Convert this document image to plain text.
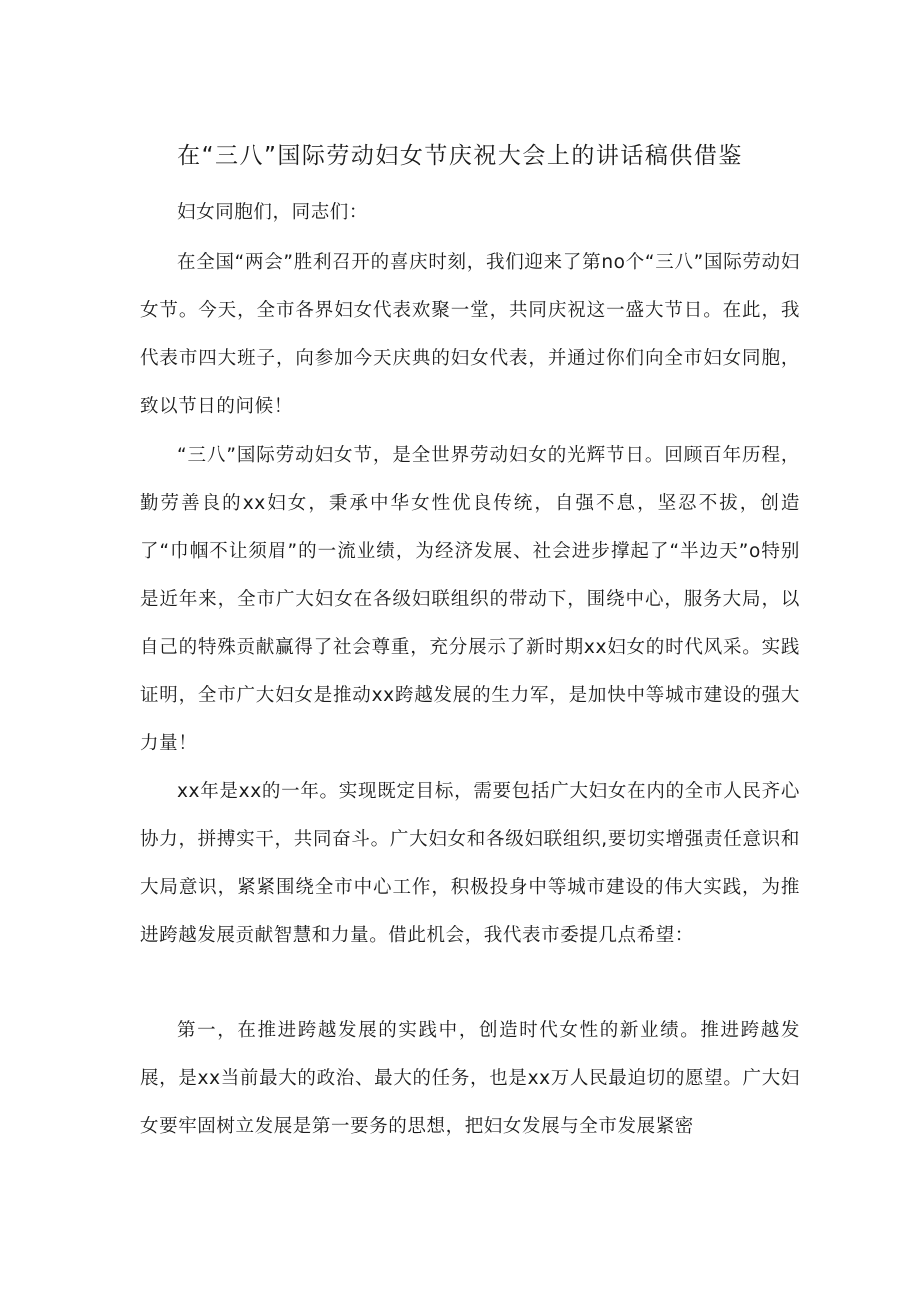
在“三八”国际劳动妇女节庆祝大会上的讲话稿供借鉴

妇女同胞们，同志们：

在全国“两会”胜利召开的喜庆时刻，我们迎来了第no个“三八”国际劳动妇女节。今天，全市各界妇女代表欢聚一堂，共同庆祝这一盛大节日。在此，我代表市四大班子，向参加今天庆典的妇女代表，并通过你们向全市妇女同胞，致以节日的问候！

“三八”国际劳动妇女节，是全世界劳动妇女的光辉节日。回顾百年历程，勤劳善良的xx妇女，秉承中华女性优良传统，自强不息，坚忍不拔，创造了“巾帼不让须眉”的一流业绩，为经济发展、社会进步撑起了“半边天”o特别是近年来，全市广大妇女在各级妇联组织的带动下，围绕中心，服务大局，以自己的特殊贡献赢得了社会尊重，充分展示了新时期xx妇女的时代风采。实践证明，全市广大妇女是推动xx跨越发展的生力军，是加快中等城市建设的强大力量！

xx年是xx的一年。实现既定目标，需要包括广大妇女在内的全市人民齐心协力，拼搏实干，共同奋斗。广大妇女和各级妇联组织,要切实增强责任意识和大局意识，紧紧围绕全市中心工作，积极投身中等城市建设的伟大实践，为推进跨越发展贡献智慧和力量。借此机会，我代表市委提几点希望：

第一，在推进跨越发展的实践中，创造时代女性的新业绩。推进跨越发展，是xx当前最大的政治、最大的任务，也是xx万人民最迫切的愿望。广大妇女要牢固树立发展是第一要务的思想，把妇女发展与全市发展紧密
